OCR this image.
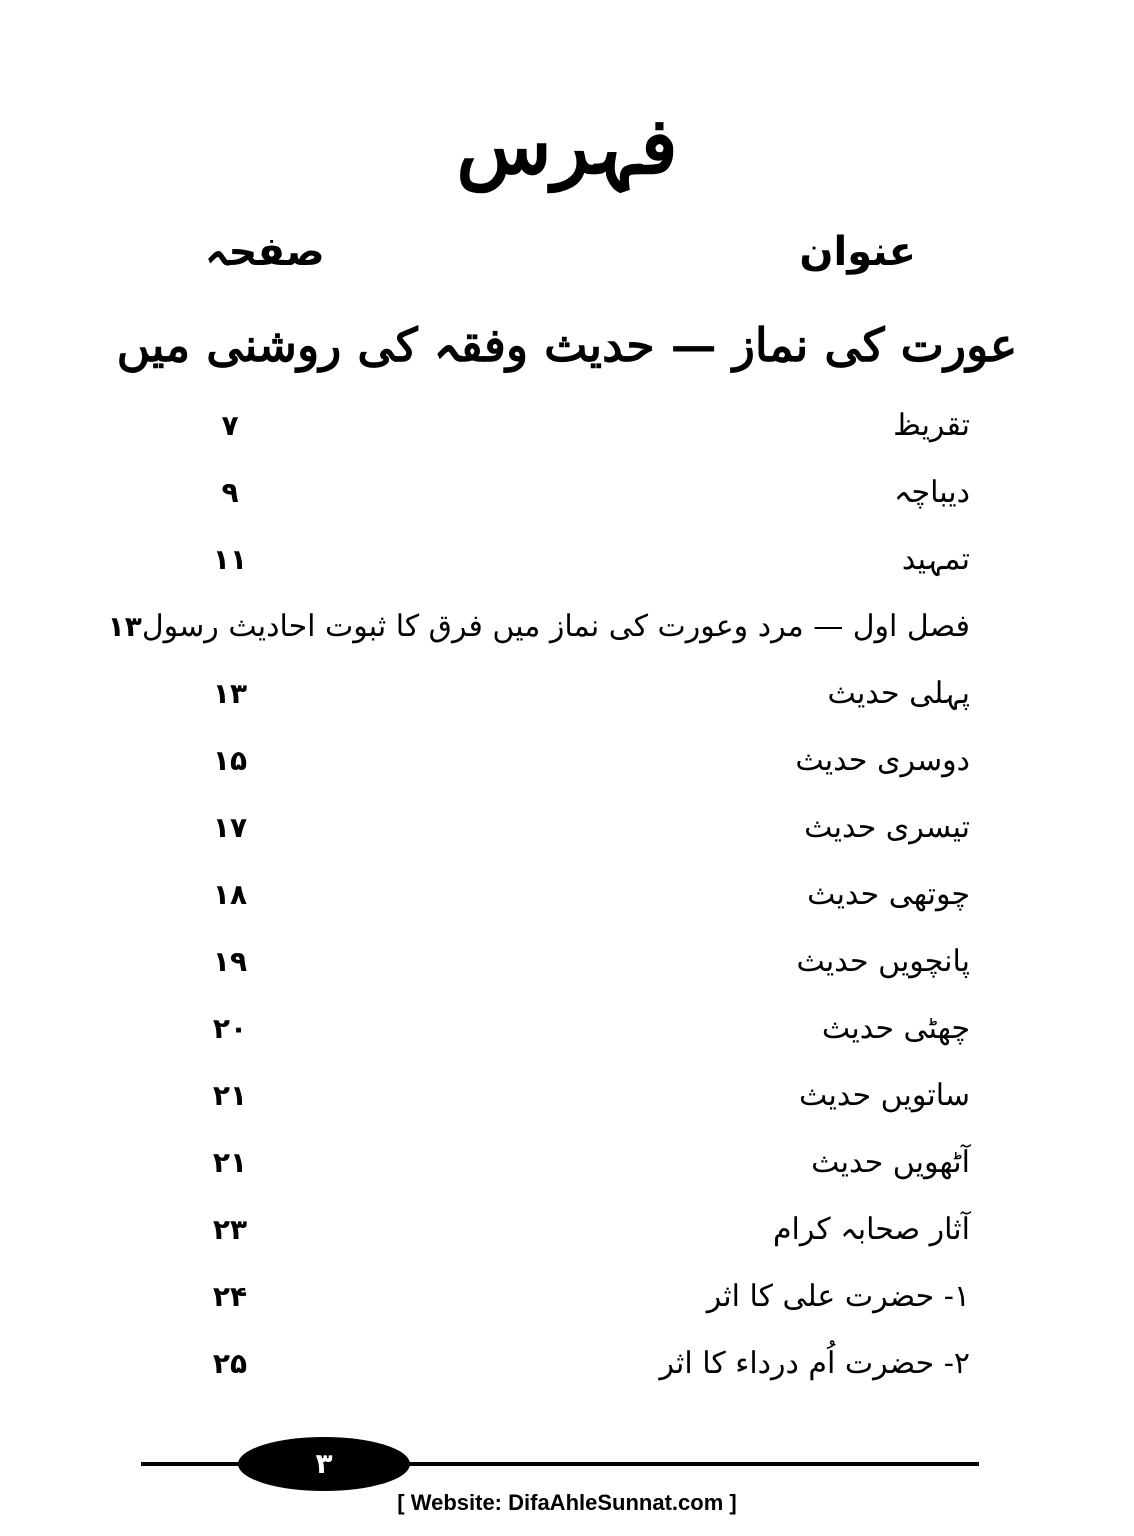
فہرس
عنوان
صفحہ
عورت کی نماز — حدیث وفقہ کی روشنی میں
تقریظ
۷
دیباچہ
۹
تمہید
۱۱
فصل اول — مرد وعورت کی نماز میں فرق کا ثبوت احادیث رسول
۱۳
پہلی حدیث
۱۳
دوسری حدیث
۱۵
تیسری حدیث
۱۷
چوتھی حدیث
۱۸
پانچویں حدیث
۱۹
چھٹی حدیث
۲۰
ساتویں حدیث
۲۱
آٹھویں حدیث
۲۱
آثار صحابہ کرام
۲۳
۱- حضرت علی کا اثر
۲۴
۲- حضرت اُم درداء کا اثر
۲۵
۳
[ Website: DifaAhleSunnat.com ]
